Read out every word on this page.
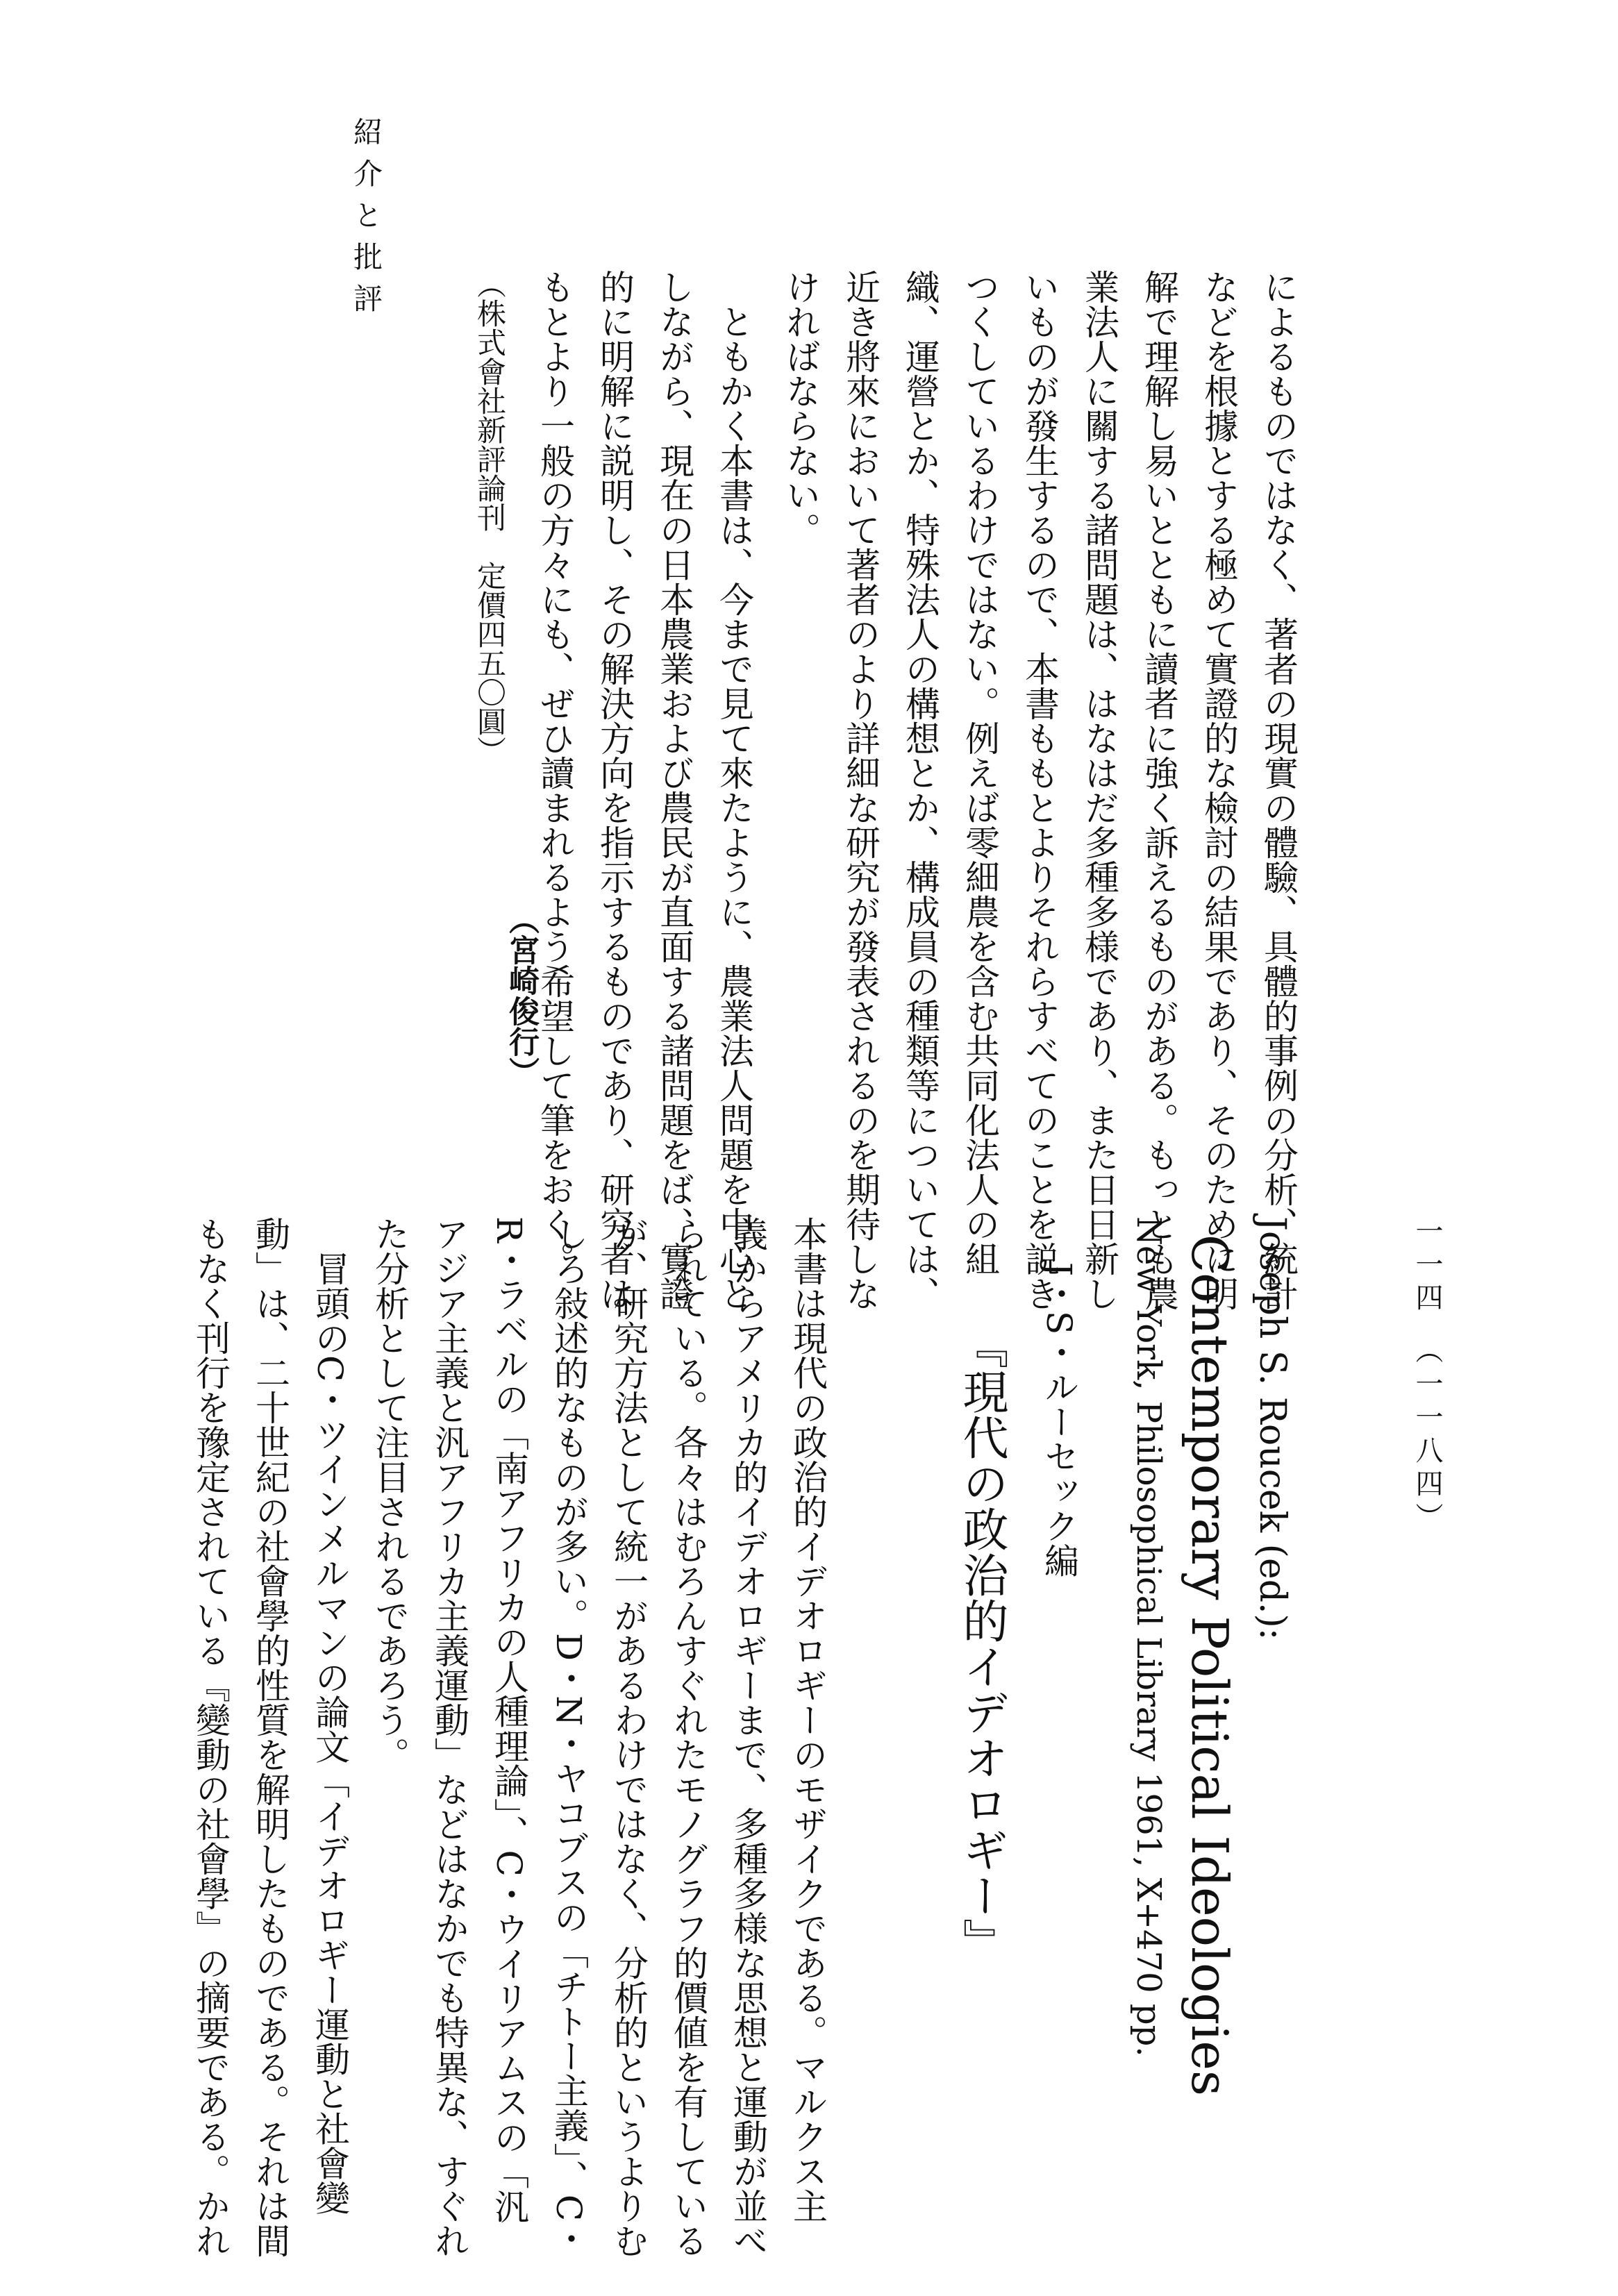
紹介と批評
一一四　（一一八四）
によるものではなく、著者の現實の體驗、具體的事例の分析、統計
などを根據とする極めて實證的な檢討の結果であり、そのために明
解で理解し易いとともに讀者に強く訴えるものがある。もっとも農
業法人に關する諸問題は、はなはだ多種多様であり、また日日新し
いものが發生するので、本書ももとよりそれらすべてのことを説き
つくしているわけではない。例えば零細農を含む共同化法人の組
織、運營とか、特殊法人の構想とか、構成員の種類等については、
近き將來において著者のより詳細な研究が發表されるのを期待しな
ければならない。
　ともかく本書は、今まで見て來たように、農業法人問題を中心と
しながら、現在の日本農業および農民が直面する諸問題をば、實證
的に明解に説明し、その解決方向を指示するものであり、研究者は
もとより一般の方々にも、ぜひ讀まれるよう希望して筆をおく。
（宮崎俊行）
（株式會社新評論刊　定價四五〇圓）
Joseph S. Roucek (ed.):
Contemporary Political Ideologies
New York, Philosophical Library 1961, X+470 pp.
J・S・ルーセック編
『現代の政治的イデオロギー』
本書は現代の政治的イデオロギーのモザイクである。マルクス主
義からアメリカ的イデオロギーまで、多種多様な思想と運動が並べ
られている。各々はむろんすぐれたモノグラフ的價値を有している
が、研究方法として統一があるわけではなく、分析的というよりむ
しろ敍述的なものが多い。D・N・ヤコブスの「チトー主義」、C・
R・ラベルの「南アフリカの人種理論」、C・ウイリアムスの「汎
アジア主義と汎アフリカ主義運動」などはなかでも特異な、すぐれ
た分析として注目されるであろう。
　冒頭のC・ツインメルマンの論文「イデオロギー運動と社會變
動」は、二十世紀の社會學的性質を解明したものである。それは間
もなく刊行を豫定されている『變動の社會學』の摘要である。かれ
